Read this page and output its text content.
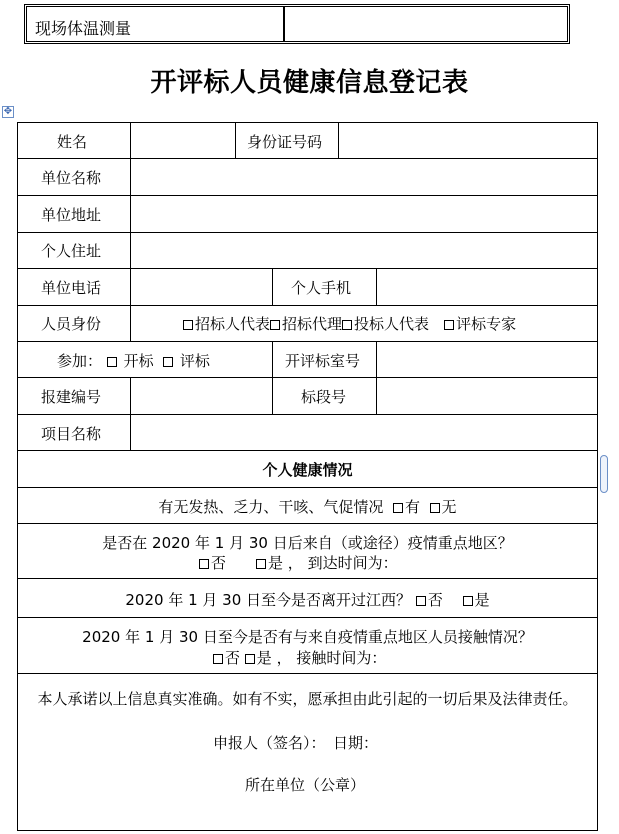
现场体温测量
开评标人员健康信息登记表
✥
姓名	身份证号码
单位名称
单位地址
个人住址
单位电话	个人手机
人员身份	招标人代表 招标代理 投标人代表　 评标专家
参加： 开标 评标	开评标室号
报建编号	标段号
项目名称
个人健康情况
有无发热、乏力、干咳、气促情况 有 无
是否在 2020 年 1 月 30 日后来自（或途径）疫情重点地区？
否　　	是 ， 到达时间为：
2020 年 1 月 30 日至今是否离开过江西？ 否　 是
2020 年 1 月 30 日至今是否有与来自疫情重点地区人员接触情况？
否 是 ， 接触时间为：
本人承诺以上信息真实准确。如有不实，愿承担由此引起的一切后果及法律责任。
申报人（签名）：　日期：
所在单位（公章）
